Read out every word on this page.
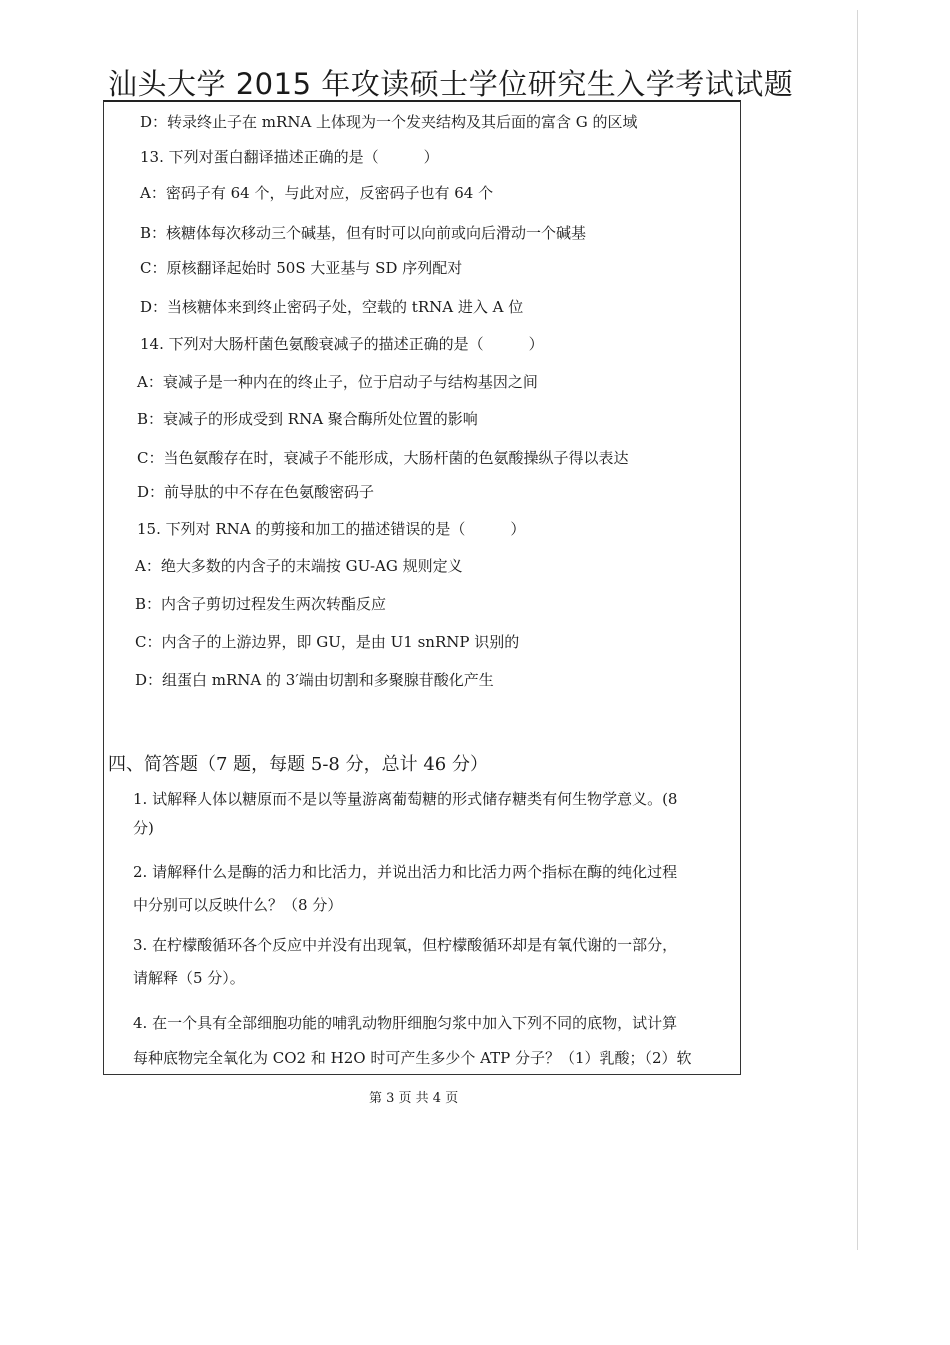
汕头大学 2015 年攻读硕士学位研究生入学考试试题
D：转录终止子在 mRNA 上体现为一个发夹结构及其后面的富含 G 的区域
13. 下列对蛋白翻译描述正确的是（　　　）
A：密码子有 64 个，与此对应，反密码子也有 64 个
B：核糖体每次移动三个碱基，但有时可以向前或向后滑动一个碱基
C：原核翻译起始时 50S 大亚基与 SD 序列配对
D：当核糖体来到终止密码子处，空载的 tRNA 进入 A 位
14. 下列对大肠杆菌色氨酸衰减子的描述正确的是（　　　）
A：衰减子是一种内在的终止子，位于启动子与结构基因之间
B：衰减子的形成受到 RNA 聚合酶所处位置的影响
C：当色氨酸存在时，衰减子不能形成，大肠杆菌的色氨酸操纵子得以表达
D：前导肽的中不存在色氨酸密码子
15. 下列对 RNA 的剪接和加工的描述错误的是（　　　）
A：绝大多数的内含子的末端按 GU-AG 规则定义
B：内含子剪切过程发生两次转酯反应
C：内含子的上游边界，即 GU，是由 U1 snRNP 识别的
D：组蛋白 mRNA 的 3′端由切割和多聚腺苷酸化产生
四、简答题（7 题，每题 5-8 分，总计 46 分）
1. 试解释人体以糖原而不是以等量游离葡萄糖的形式储存糖类有何生物学意义。(8
分)
2. 请解释什么是酶的活力和比活力，并说出活力和比活力两个指标在酶的纯化过程
中分别可以反映什么？（8 分）
3. 在柠檬酸循环各个反应中并没有出现氧，但柠檬酸循环却是有氧代谢的一部分，
请解释（5 分）。
4. 在一个具有全部细胞功能的哺乳动物肝细胞匀浆中加入下列不同的底物，试计算
每种底物完全氧化为 CO2 和 H2O 时可产生多少个 ATP 分子？（1）乳酸；（2）软
第 3 页 共 4 页
